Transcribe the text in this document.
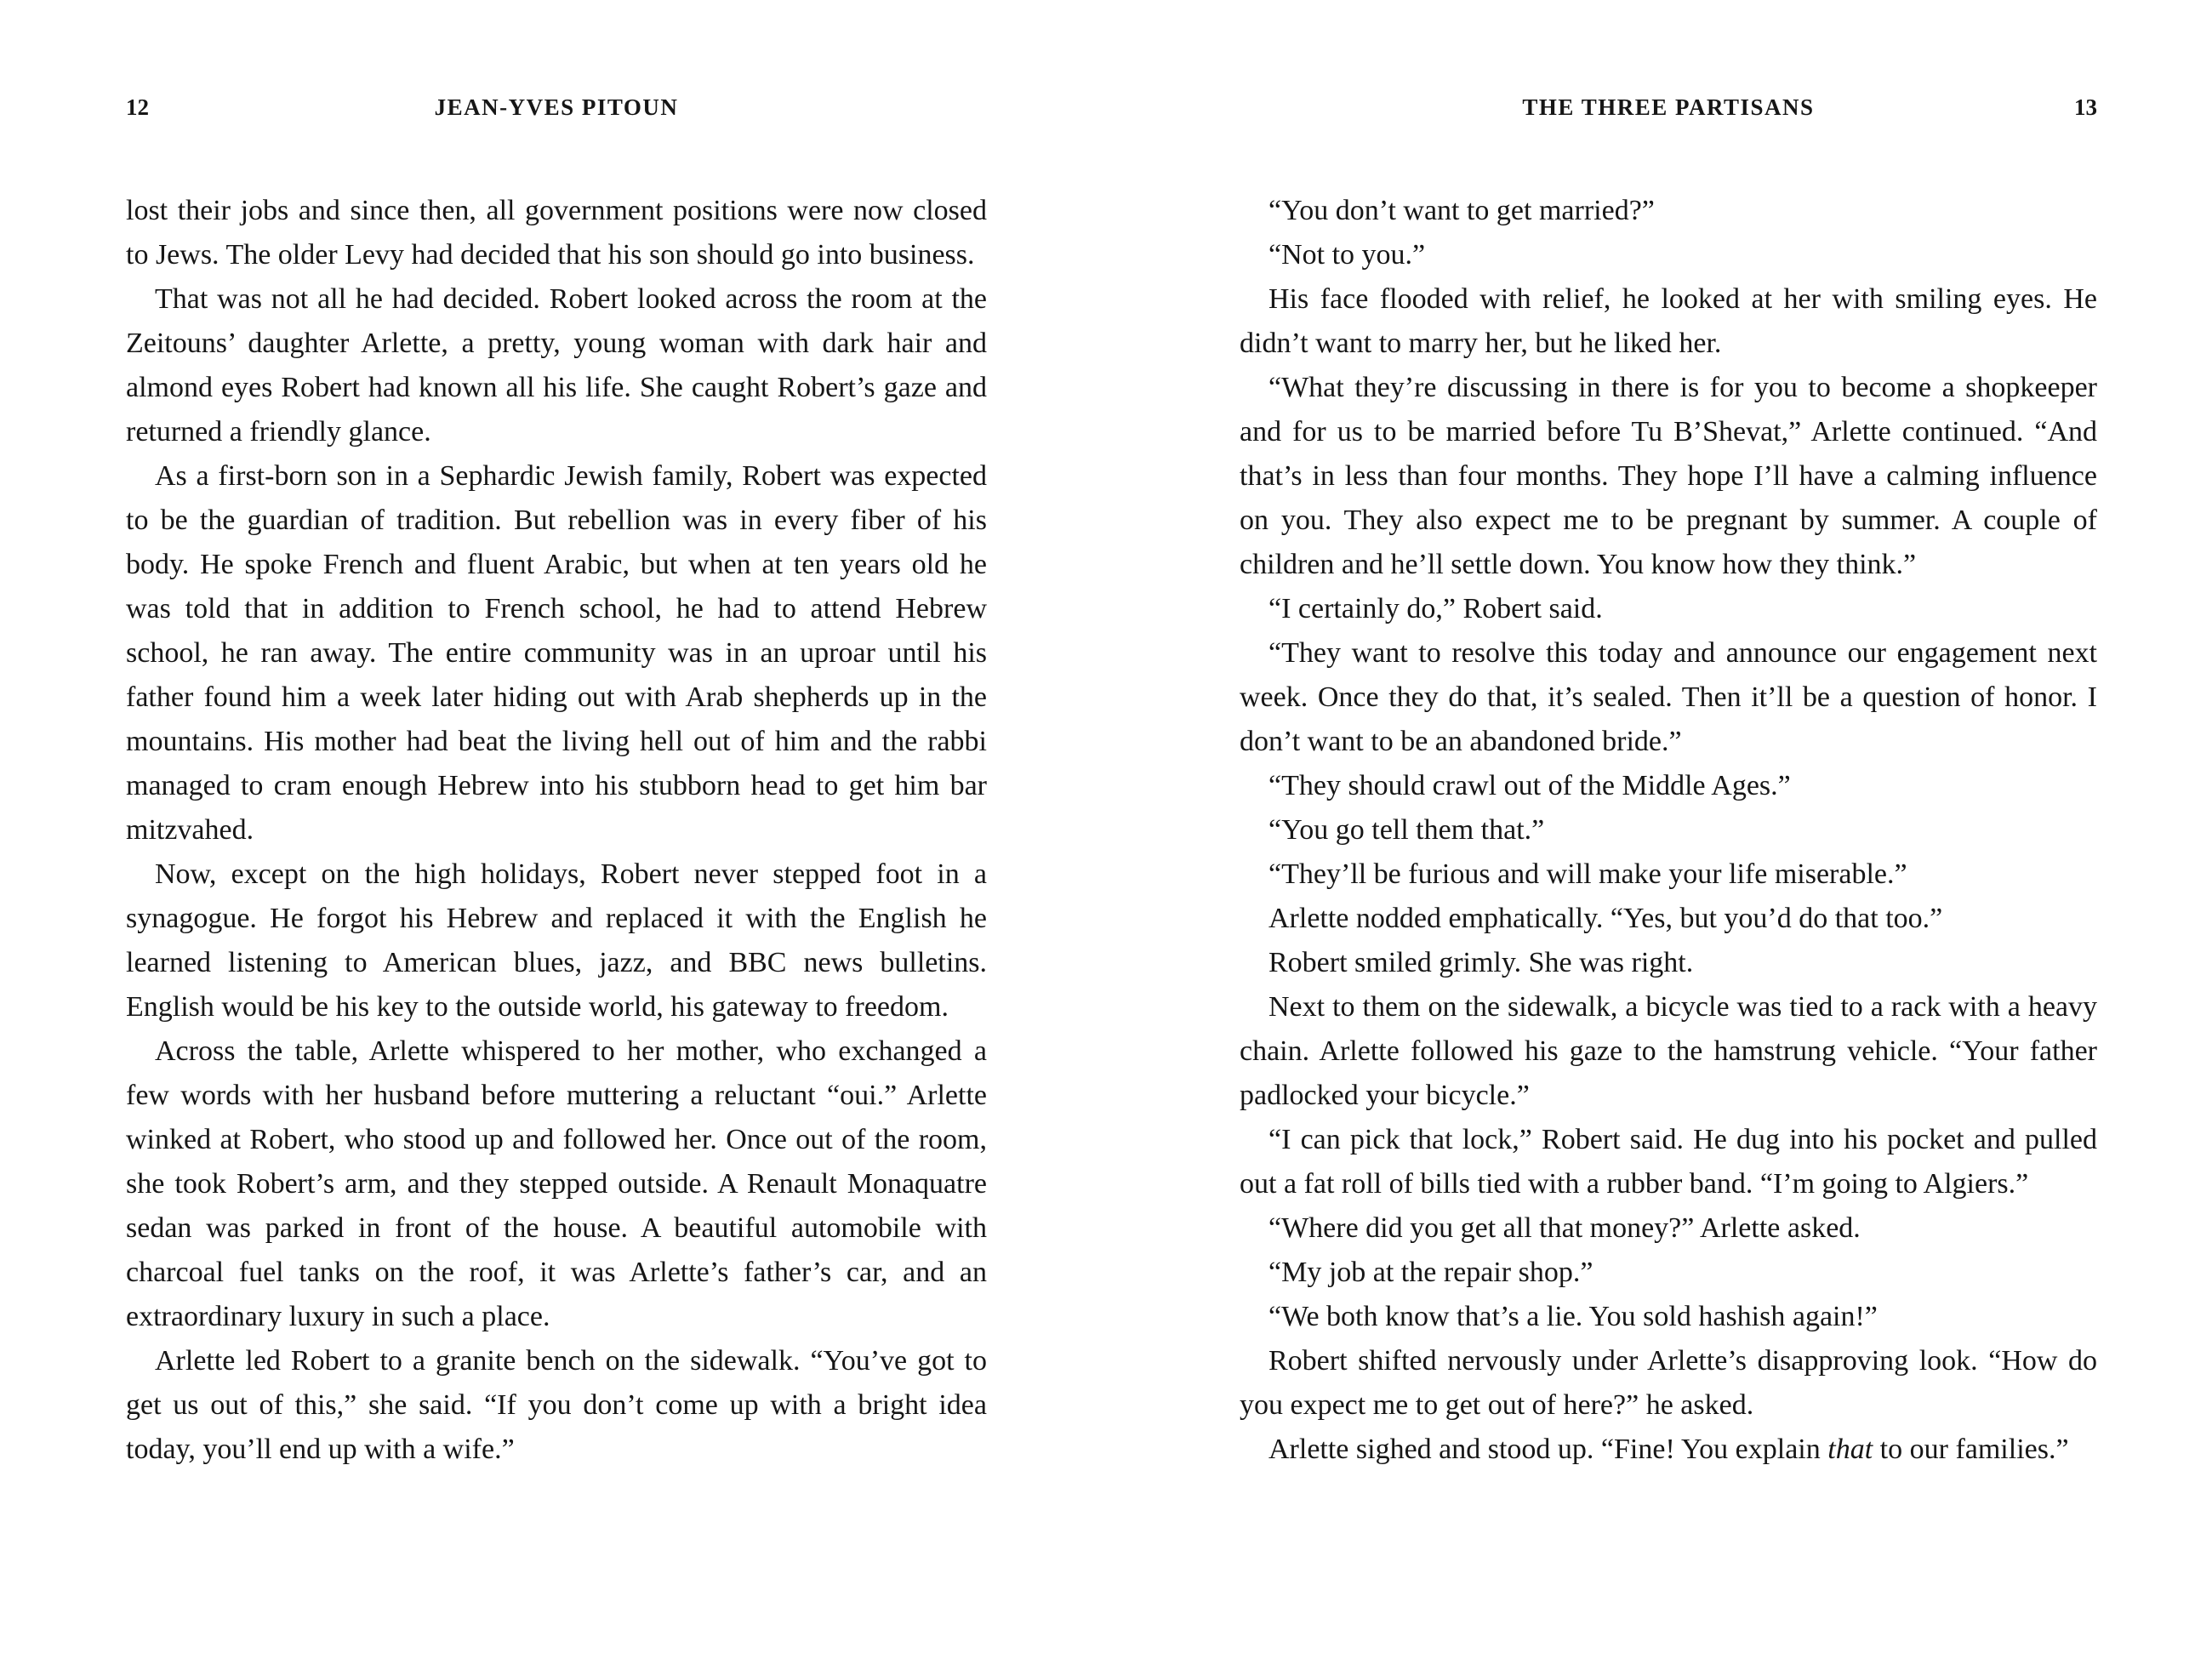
12	JEAN-YVES PITOUN

lost their jobs and since then, all government positions were now closed to Jews. The older Levy had decided that his son should go into business.

That was not all he had decided. Robert looked across the room at the Zeitouns’ daughter Arlette, a pretty, young woman with dark hair and almond eyes Robert had known all his life. She caught Robert’s gaze and returned a friendly glance.

As a first-born son in a Sephardic Jewish family, Robert was expected to be the guardian of tradition. But rebellion was in every fiber of his body. He spoke French and fluent Arabic, but when at ten years old he was told that in addition to French school, he had to attend Hebrew school, he ran away. The entire community was in an uproar until his father found him a week later hiding out with Arab shepherds up in the mountains. His mother had beat the living hell out of him and the rabbi managed to cram enough Hebrew into his stubborn head to get him bar mitzvahed.

Now, except on the high holidays, Robert never stepped foot in a synagogue. He forgot his Hebrew and replaced it with the English he learned listening to American blues, jazz, and BBC news bulletins. English would be his key to the outside world, his gateway to freedom.

Across the table, Arlette whispered to her mother, who exchanged a few words with her husband before muttering a reluctant “oui.” Arlette winked at Robert, who stood up and followed her. Once out of the room, she took Robert’s arm, and they stepped outside. A Renault Monaquatre sedan was parked in front of the house. A beautiful automobile with charcoal fuel tanks on the roof, it was Arlette’s father’s car, and an extraordinary luxury in such a place.

Arlette led Robert to a granite bench on the sidewalk. “You’ve got to get us out of this,” she said. “If you don’t come up with a bright idea today, you’ll end up with a wife.”

THE THREE PARTISANS	13

“You don’t want to get married?”

“Not to you.”

His face flooded with relief, he looked at her with smiling eyes. He didn’t want to marry her, but he liked her.

“What they’re discussing in there is for you to become a shopkeeper and for us to be married before Tu B’Shevat,” Arlette continued. “And that’s in less than four months. They hope I’ll have a calming influence on you. They also expect me to be pregnant by summer. A couple of children and he’ll settle down. You know how they think.”

“I certainly do,” Robert said.

“They want to resolve this today and announce our engagement next week. Once they do that, it’s sealed. Then it’ll be a question of honor. I don’t want to be an abandoned bride.”

“They should crawl out of the Middle Ages.”

“You go tell them that.”

“They’ll be furious and will make your life miserable.”

Arlette nodded emphatically. “Yes, but you’d do that too.”

Robert smiled grimly. She was right.

Next to them on the sidewalk, a bicycle was tied to a rack with a heavy chain. Arlette followed his gaze to the hamstrung vehicle. “Your father padlocked your bicycle.”

“I can pick that lock,” Robert said. He dug into his pocket and pulled out a fat roll of bills tied with a rubber band. “I’m going to Algiers.”

“Where did you get all that money?” Arlette asked.

“My job at the repair shop.”

“We both know that’s a lie. You sold hashish again!”

Robert shifted nervously under Arlette’s disapproving look. “How do you expect me to get out of here?” he asked.

Arlette sighed and stood up. “Fine! You explain that to our families.”
